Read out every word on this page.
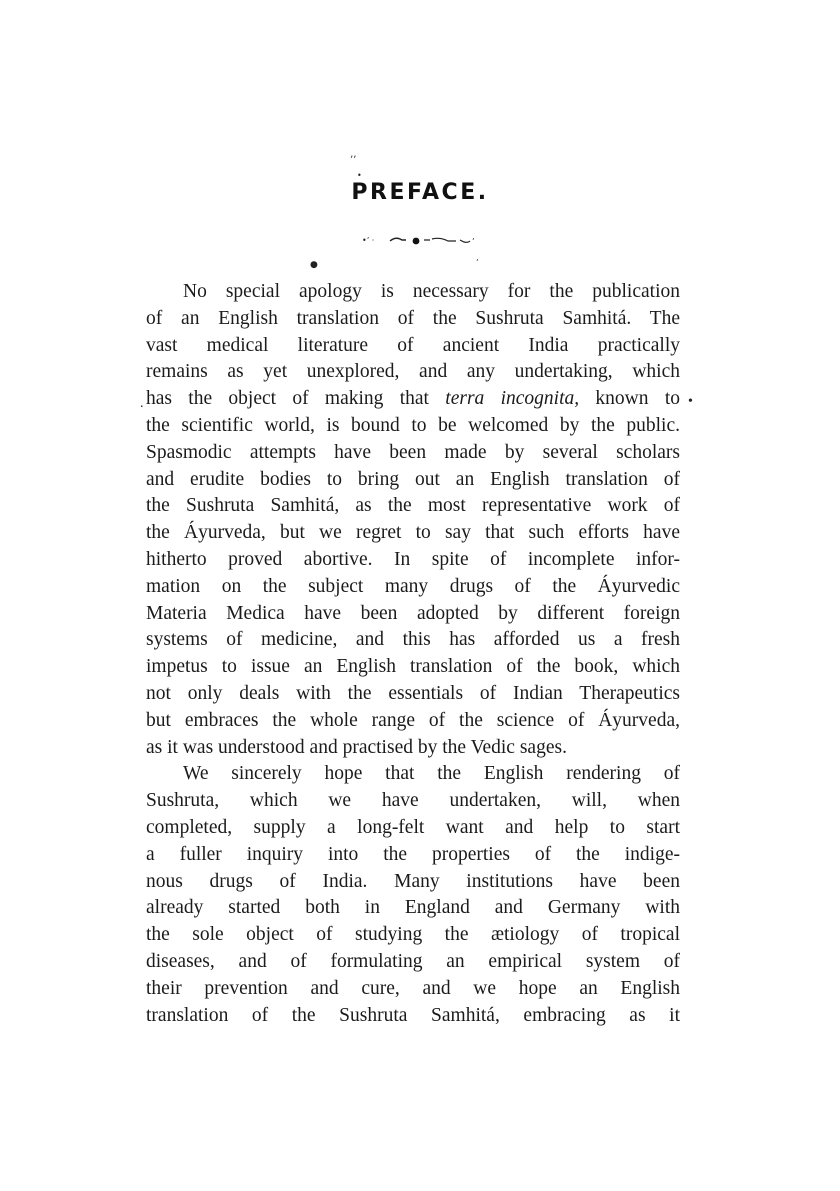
’’
•
PREFACE.
•’ ·	’
●	’
.	•
No special apology is necessary for the publication
of an English translation of the Sushruta Samhitá. The
vast medical literature of ancient India practically
remains as yet unexplored, and any undertaking, which
has the object of making that terra incognita, known to
the scientific world, is bound to be welcomed by the public.
Spasmodic attempts have been made by several scholars
and erudite bodies to bring out an English translation of
the Sushruta Samhitá, as the most representative work of
the Áyurveda, but we regret to say that such efforts have
hitherto proved abortive. In spite of incomplete infor-
mation on the subject many drugs of the Áyurvedic
Materia Medica have been adopted by different foreign
systems of medicine, and this has afforded us a fresh
impetus to issue an English translation of the book, which
not only deals with the essentials of Indian Therapeutics
but embraces the whole range of the science of Áyurveda,
as it was understood and practised by the Vedic sages.
We sincerely hope that the English rendering of
Sushruta, which we have undertaken, will, when
completed, supply a long-felt want and help to start
a fuller inquiry into the properties of the indige-
nous drugs of India. Many institutions have been
already started both in England and Germany with
the sole object of studying the ætiology of tropical
diseases, and of formulating an empirical system of
their prevention and cure, and we hope an English
translation of the Sushruta Samhitá, embracing as it
